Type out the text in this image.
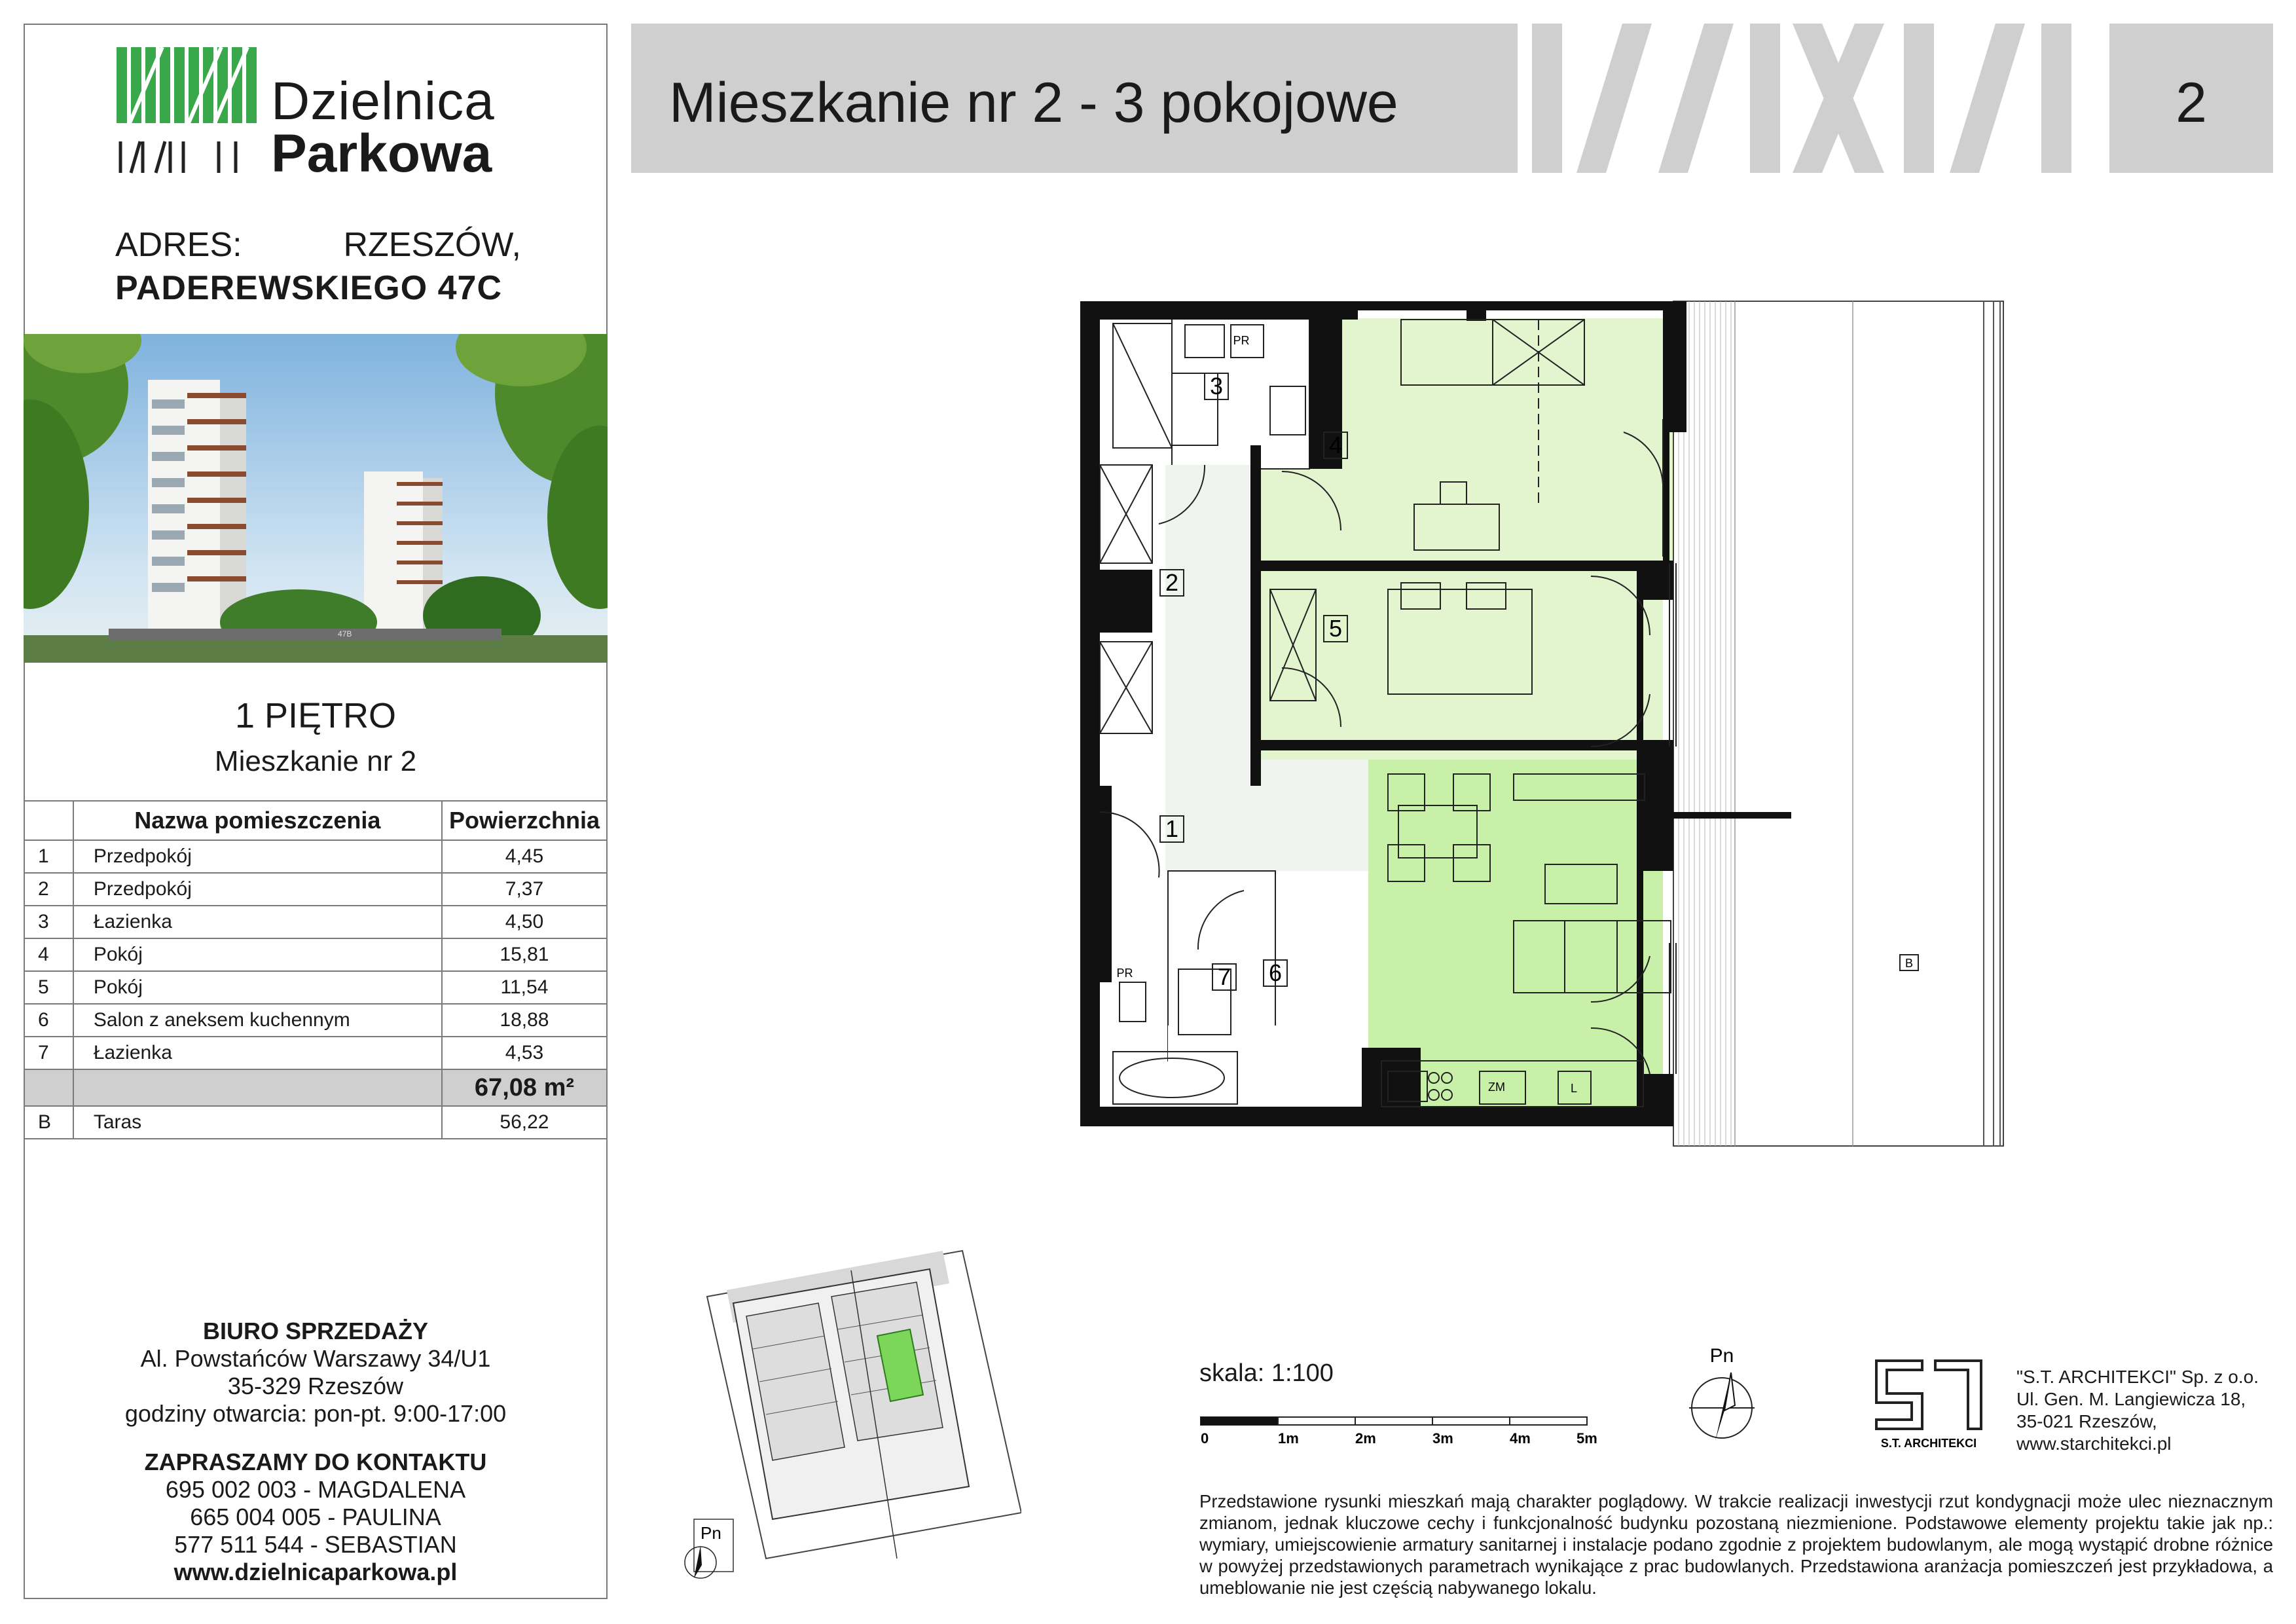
Dzielnica
Parkowa
ADRES:	RZESZÓW,
PADEREWSKIEGO 47C
47B
1 PIĘTRO
Mieszkanie nr 2
	Nazwa pomieszczenia	Powierzchnia
1	Przedpokój	4,45
2	Przedpokój	7,37
3	Łazienka	4,50
4	Pokój	15,81
5	Pokój	11,54
6	Salon z aneksem kuchennym	18,88
7	Łazienka	4,53
		67,08 m²
B	Taras	56,22
BIURO SPRZEDAŻY
Al. Powstańców Warszawy 34/U1
35-329 Rzeszów
godziny otwarcia: pon-pt. 9:00-17:00
ZAPRASZAMY DO KONTAKTU
695 002 003 - MAGDALENA
665 004 005 - PAULINA
577 511 544 - SEBASTIAN
www.dzielnicaparkowa.pl
Mieszkanie nr 2 - 3 pokojowe	2
1
2
3
4
5
6
7	B
PR
PR
ZM	L
skala: 1:100
0	1m	2m	3m	4m	5m
Pn
S.T. ARCHITEKCI
"S.T. ARCHITEKCI" Sp. z o.o.
Ul. Gen. M. Langiewicza 18,
35-021 Rzeszów,
www.starchitekci.pl
Przedstawione rysunki mieszkań mają charakter poglądowy. W trakcie realizacji inwestycji rzut kondygnacji może ulec nieznacznym zmianom, jednak kluczowe cechy i funkcjonalność budynku pozostaną niezmienione. Podstawowe elementy projektu takie jak np.: wymiary, umiejscowienie armatury sanitarnej i instalacje podano zgodnie z projektem budowlanym, ale mogą wystąpić drobne różnice w powyżej przedstawionych parametrach wynikające z prac budowlanych. Przedstawiona aranżacja pomieszczeń jest przykładowa, a umeblowanie nie jest częścią nabywanego lokalu.
Pn
